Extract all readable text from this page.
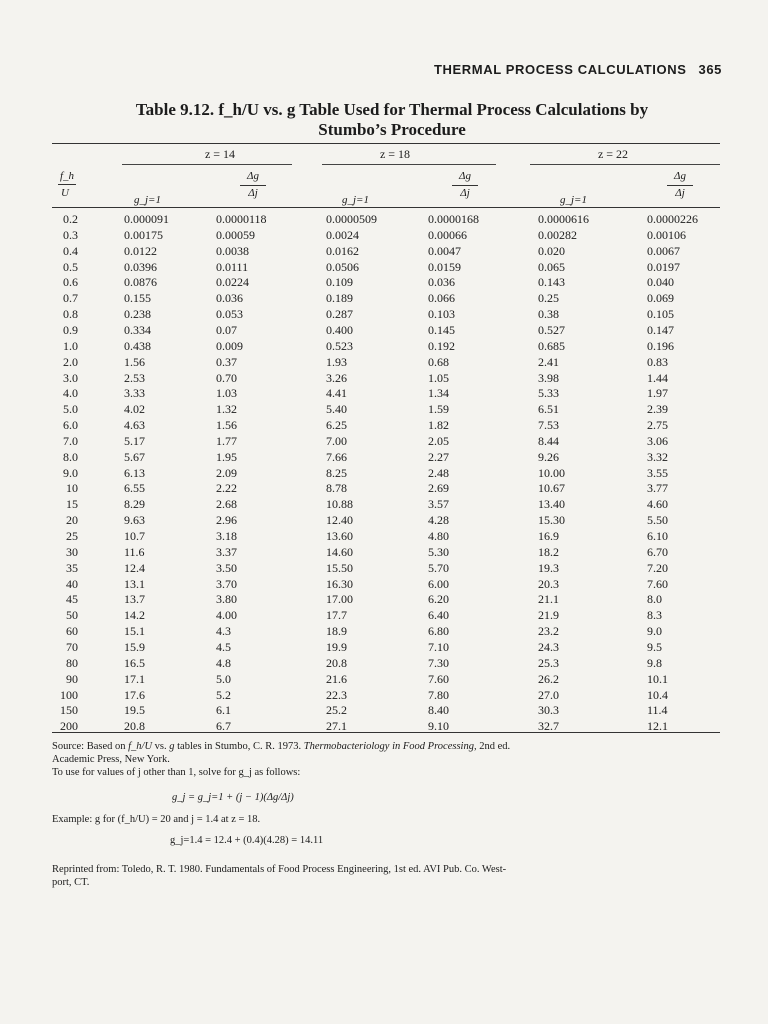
THERMAL PROCESS CALCULATIONS 365
Table 9.12. f_h/U vs. g Table Used for Thermal Process Calculations by
Stumbo’s Procedure
z = 14	z = 18	z = 22
f_h
U
g_j=1
Δg
Δj
g_j=1
Δg
Δj
g_j=1
Δg
Δj
0.2	0.000091	0.0000118	0.0000509	0.0000168	0.0000616	0.0000226
0.3	0.00175	0.00059	0.0024	0.00066	0.00282	0.00106
0.4	0.0122	0.0038	0.0162	0.0047	0.020	0.0067
0.5	0.0396	0.0111	0.0506	0.0159	0.065	0.0197
0.6	0.0876	0.0224	0.109	0.036	0.143	0.040
0.7	0.155	0.036	0.189	0.066	0.25	0.069
0.8	0.238	0.053	0.287	0.103	0.38	0.105
0.9	0.334	0.07	0.400	0.145	0.527	0.147
1.0	0.438	0.009	0.523	0.192	0.685	0.196
2.0	1.56	0.37	1.93	0.68	2.41	0.83
3.0	2.53	0.70	3.26	1.05	3.98	1.44
4.0	3.33	1.03	4.41	1.34	5.33	1.97
5.0	4.02	1.32	5.40	1.59	6.51	2.39
6.0	4.63	1.56	6.25	1.82	7.53	2.75
7.0	5.17	1.77	7.00	2.05	8.44	3.06
8.0	5.67	1.95	7.66	2.27	9.26	3.32
9.0	6.13	2.09	8.25	2.48	10.00	3.55
10	6.55	2.22	8.78	2.69	10.67	3.77
15	8.29	2.68	10.88	3.57	13.40	4.60
20	9.63	2.96	12.40	4.28	15.30	5.50
25	10.7	3.18	13.60	4.80	16.9	6.10
30	11.6	3.37	14.60	5.30	18.2	6.70
35	12.4	3.50	15.50	5.70	19.3	7.20
40	13.1	3.70	16.30	6.00	20.3	7.60
45	13.7	3.80	17.00	6.20	21.1	8.0
50	14.2	4.00	17.7	6.40	21.9	8.3
60	15.1	4.3	18.9	6.80	23.2	9.0
70	15.9	4.5	19.9	7.10	24.3	9.5
80	16.5	4.8	20.8	7.30	25.3	9.8
90	17.1	5.0	21.6	7.60	26.2	10.1
100	17.6	5.2	22.3	7.80	27.0	10.4
150	19.5	6.1	25.2	8.40	30.3	11.4
200	20.8	6.7	27.1	9.10	32.7	12.1
Source: Based on f_h/U vs. g tables in Stumbo, C. R. 1973. Thermobacteriology in Food Processing, 2nd ed.
Academic Press, New York.
To use for values of j other than 1, solve for g_j as follows:
g_j = g_j=1 + (j − 1)(Δg/Δj)
Example: g for (f_h/U) = 20 and j = 1.4 at z = 18.
g_j=1.4 = 12.4 + (0.4)(4.28) = 14.11
Reprinted from: Toledo, R. T. 1980. Fundamentals of Food Process Engineering, 1st ed. AVI Pub. Co. West-
port, CT.
